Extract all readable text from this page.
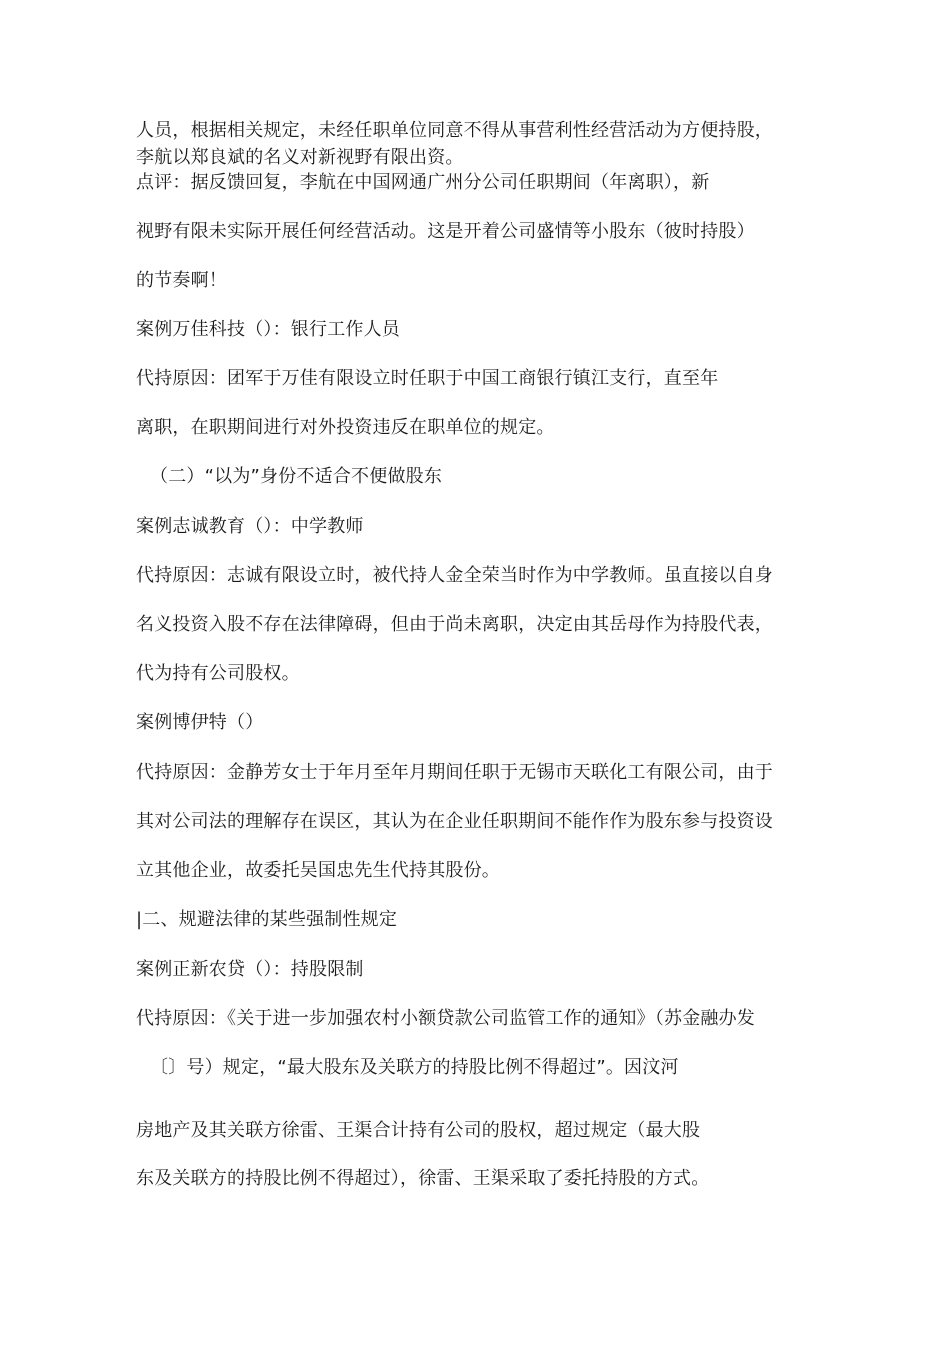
人员，根据相关规定，未经任职单位同意不得从事营利性经营活动为方便持股，
李航以郑良斌的名义对新视野有限出资。
点评：据反馈回复，李航在中国网通广州分公司任职期间（年离职），新
视野有限未实际开展任何经营活动。这是开着公司盛情等小股东（彼时持股）
的节奏啊！
案例万佳科技（）：银行工作人员
代持原因：团军于万佳有限设立时任职于中国工商银行镇江支行，直至年
离职，在职期间进行对外投资违反在职单位的规定。
（二）“以为”身份不适合不便做股东
案例志诚教育（）：中学教师
代持原因：志诚有限设立时，被代持人金全荣当时作为中学教师。虽直接以自身
名义投资入股不存在法律障碍，但由于尚未离职，决定由其岳母作为持股代表，
代为持有公司股权。
案例博伊特（）
代持原因：金静芳女士于年月至年月期间任职于无锡市天联化工有限公司，由于
其对公司法的理解存在误区，其认为在企业任职期间不能作作为股东参与投资设
立其他企业，故委托吴国忠先生代持其股份。
|二、规避法律的某些强制性规定
案例正新农贷（）：持股限制
代持原因：《关于进一步加强农村小额贷款公司监管工作的通知》（苏金融办发
〔〕号）规定，“最大股东及关联方的持股比例不得超过”。因汶河
房地产及其关联方徐雷、王渠合计持有公司的股权，超过规定（最大股
东及关联方的持股比例不得超过），徐雷、王渠采取了委托持股的方式。
